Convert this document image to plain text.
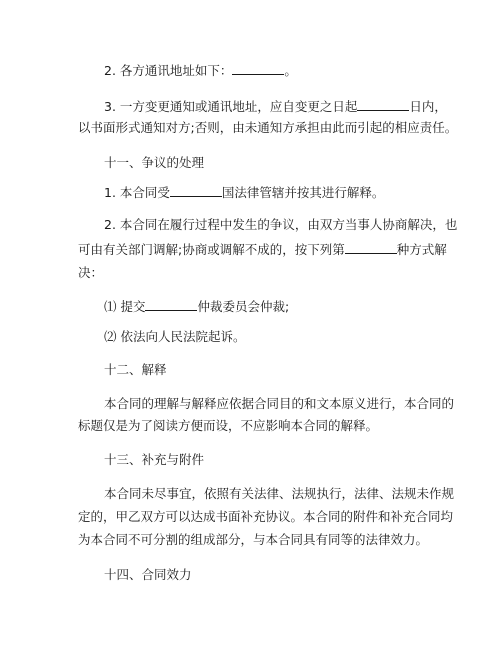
2. 各方通讯地址如下：	。
3. 一方变更通知或通讯地址，应自变更之日起	日内，
以书面形式通知对方;否则，由未通知方承担由此而引起的相应责任。
十一、争议的处理
1. 本合同受	国法律管辖并按其进行解释。
2. 本合同在履行过程中发生的争议，由双方当事人协商解决，也
可由有关部门调解;协商或调解不成的，按下列第	种方式解
决：
⑴ 提交	仲裁委员会仲裁;
⑵ 依法向人民法院起诉。
十二、解释
本合同的理解与解释应依据合同目的和文本原义进行，本合同的
标题仅是为了阅读方便而设，不应影响本合同的解释。
十三、补充与附件
本合同未尽事宜，依照有关法律、法规执行，法律、法规未作规
定的，甲乙双方可以达成书面补充协议。本合同的附件和补充合同均
为本合同不可分割的组成部分，与本合同具有同等的法律效力。
十四、合同效力
